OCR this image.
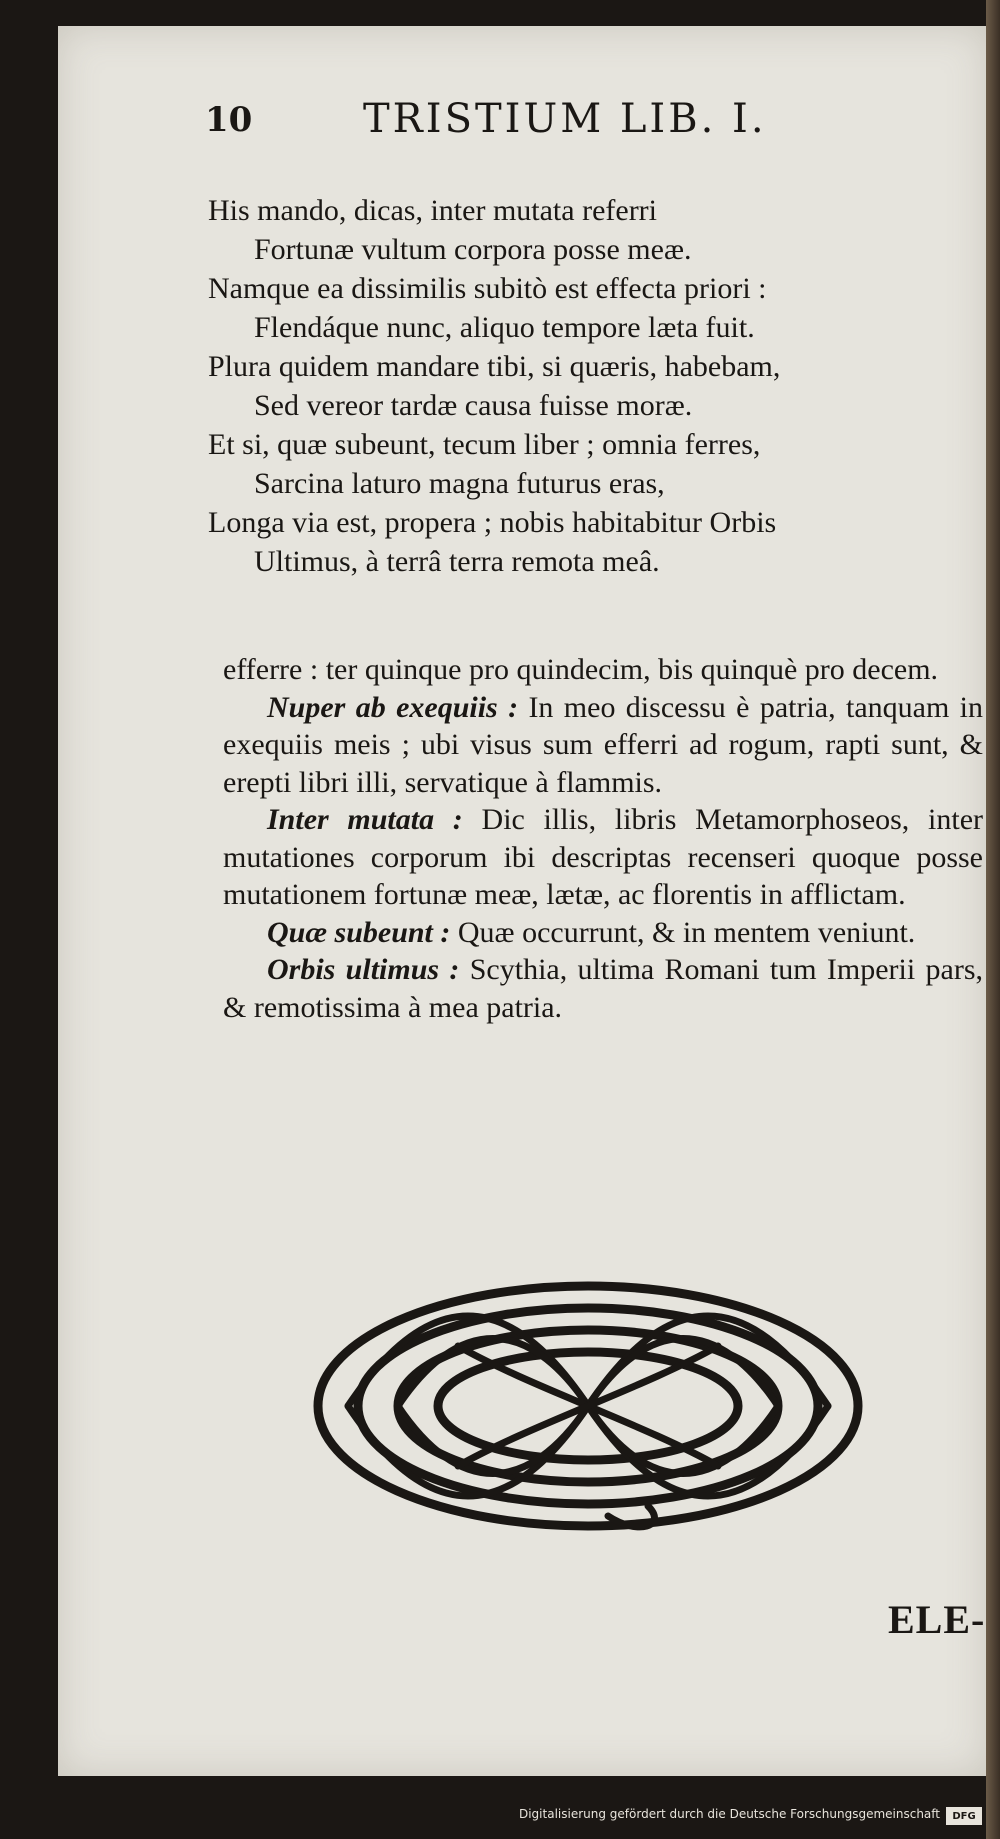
10	TRISTIUM LIB. I.
His mando, dicas, inter mutata referri
Fortunæ vultum corpora posse meæ.
Namque ea dissimilis subitò est effecta priori :
Flendáque nunc, aliquo tempore læta fuit.
Plura quidem mandare tibi, si quæris, habebam,
Sed vereor tardæ causa fuisse moræ.
Et si, quæ subeunt, tecum liber ; omnia ferres,
Sarcina laturo magna futurus eras,
Longa via est, propera ; nobis habitabitur Orbis
Ultimus, à terrâ terra remota meâ.

efferre : ter quinque pro quindecim, bis quinquè pro decem.

Nuper ab exequiis : In meo discessu è patria, tanquam in exequiis meis ; ubi visus sum efferri ad rogum, rapti sunt, & erepti libri illi, servatique à flammis.

Inter mutata : Dic illis, libris Metamorphoseos, inter mutationes corporum ibi descriptas recenseri quoque posse mutationem fortunæ meæ, lætæ, ac florentis in afflictam.

Quæ subeunt : Quæ occurrunt, & in mentem veniunt.

Orbis ultimus : Scythia, ultima Romani tum Imperii pars, & remotissima à mea patria.

ELE-
Digitalisierung gefördert durch die Deutsche Forschungsgemeinschaft	DFG
